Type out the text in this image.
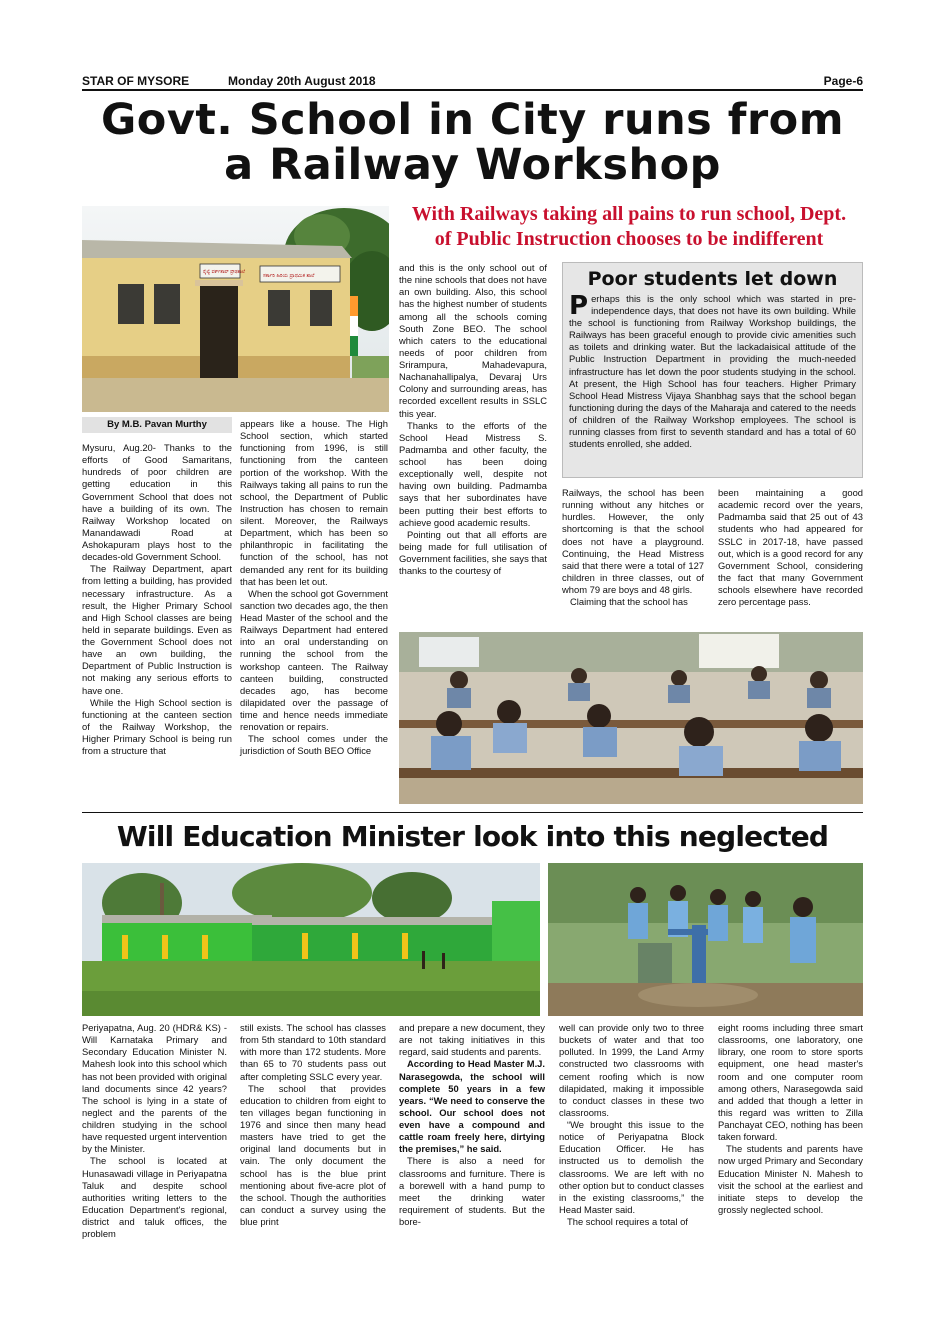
STAR OF MYSORE	Monday 20th August 2018	Page-6
Govt. School in City runs from
a Railway Workshop
With Railways taking all pains to run school, Dept.
of Public Instruction chooses to be indifferent
ರೈಲ್ವೆ ವರ್ಕ್‌ಶಾಪ್ ಪ್ರೌಢಶಾಲೆ
ಸರ್ಕಾರಿ ಹಿರಿಯ ಪ್ರಾಥಮಿಕ ಶಾಲೆ
By M.B. Pavan Murthy

Mysuru, Aug.20- Thanks to the efforts of Good Samaritans, hundreds of poor children are getting education in this Government School that does not have a building of its own. The Railway Workshop located on Manandawadi Road at Ashokapuram plays host to the decades-old Government School.

The Railway Department, apart from letting a building, has provided necessary infrastructure. As a result, the Higher Primary School and High School classes are being held in separate buildings. Even as the Government School does not have an own building, the Department of Public Instruction is not making any serious efforts to have one.

While the High School section is functioning at the canteen section of the Railway Workshop, the Higher Primary School is being run from a structure that

appears like a house. The High School section, which started functioning from 1996, is still functioning from the canteen portion of the workshop. With the Railways taking all pains to run the school, the Department of Public Instruction has chosen to remain silent. Moreover, the Railways Department, which has been so philanthropic in facilitating the function of the school, has not demanded any rent for its building that has been let out.

When the school got Government sanction two decades ago, the then Head Master of the school and the Railways Department had entered into an oral understanding on running the school from the workshop canteen. The Railway canteen building, constructed decades ago, has become dilapidated over the passage of time and hence needs immediate renovation or repairs.

The school comes under the jurisdiction of South BEO Office

and this is the only school out of the nine schools that does not have an own building. Also, this school has the highest number of students among all the schools coming South Zone BEO. The school which caters to the educational needs of poor children from Srirampura, Mahadevapura, Nachanahallipalya, Devaraj Urs Colony and surrounding areas, has recorded excellent results in SSLC this year.

Thanks to the efforts of the School Head Mistress S. Padmamba and other faculty, the school has been doing exceptionally well, despite not having own building. Padmamba says that her subordinates have been putting their best efforts to achieve good academic results.

Pointing out that all efforts are being made for full utilisation of Government facilities, she says that thanks to the courtesy of

Poor students let down
P erhaps this is the only school which was started in pre-independence days, that does not have its own building. While the school is functioning from Railway Workshop buildings, the Railways has been graceful enough to provide civic amenities such as toilets and drinking water. But the lackadaisical attitude of the Public Instruction Department in providing the much-needed infrastructure has let down the poor students studying in the school. At present, the High School has four teachers. Higher Primary School Head Mistress Vijaya Shanbhag says that the school began functioning during the days of the Maharaja and catered to the needs of children of the Railway Workshop employees. The school is running classes from first to seventh standard and has a total of 60 students enrolled, she added.

Railways, the school has been running without any hitches or hurdles. However, the only shortcoming is that the school does not have a playground. Continuing, the Head Mistress said that there were a total of 127 children in three classes, out of whom 79 are boys and 48 girls.

Claiming that the school has

been maintaining a good academic record over the years, Padmamba said that 25 out of 43 students who had appeared for SSLC in 2017-18, have passed out, which is a good record for any Government School, considering the fact that many Government schools elsewhere have recorded zero percentage pass.

Will Education Minister look into this neglected

Periyapatna, Aug. 20 (HDR& KS) - Will Karnataka Primary and Secondary Education Minister N. Mahesh look into this school which has not been provided with original land documents since 42 years? The school is lying in a state of neglect and the parents of the children studying in the school have requested urgent intervention by the Minister.

The school is located at Hunasawadi village in Periyapatna Taluk and despite school authorities writing letters to the Education Department's regional, district and taluk offices, the problem

still exists. The school has classes from 5th standard to 10th standard with more than 172 students. More than 65 to 70 students pass out after completing SSLC every year.

The school that provides education to children from eight to ten villages began functioning in 1976 and since then many head masters have tried to get the original land documents but in vain. The only document the school has is the blue print mentioning about five-acre plot of the school. Though the authorities can conduct a survey using the blue print

and prepare a new document, they are not taking initiatives in this regard, said students and parents.

According to Head Master M.J. Narasegowda, the school will complete 50 years in a few years. “We need to conserve the school. Our school does not even have a compound and cattle roam freely here, dirtying the premises,” he said.

There is also a need for classrooms and furniture. There is a borewell with a hand pump to meet the drinking water requirement of students. But the bore-

well can provide only two to three buckets of water and that too polluted. In 1999, the Land Army constructed two classrooms with cement roofing which is now dilapidated, making it impossible to conduct classes in these two classrooms.

“We brought this issue to the notice of Periyapatna Block Education Officer. He has instructed us to demolish the classrooms. We are left with no other option but to conduct classes in the existing classrooms,” the Head Master said.

The school requires a total of

eight rooms including three smart classrooms, one laboratory, one library, one room to store sports equipment, one head master's room and one computer room among others, Narasegowda said and added that though a letter in this regard was written to Zilla Panchayat CEO, nothing has been taken forward.

The students and parents have now urged Primary and Secondary Education Minister N. Mahesh to visit the school at the earliest and initiate steps to develop the grossly neglected school.
